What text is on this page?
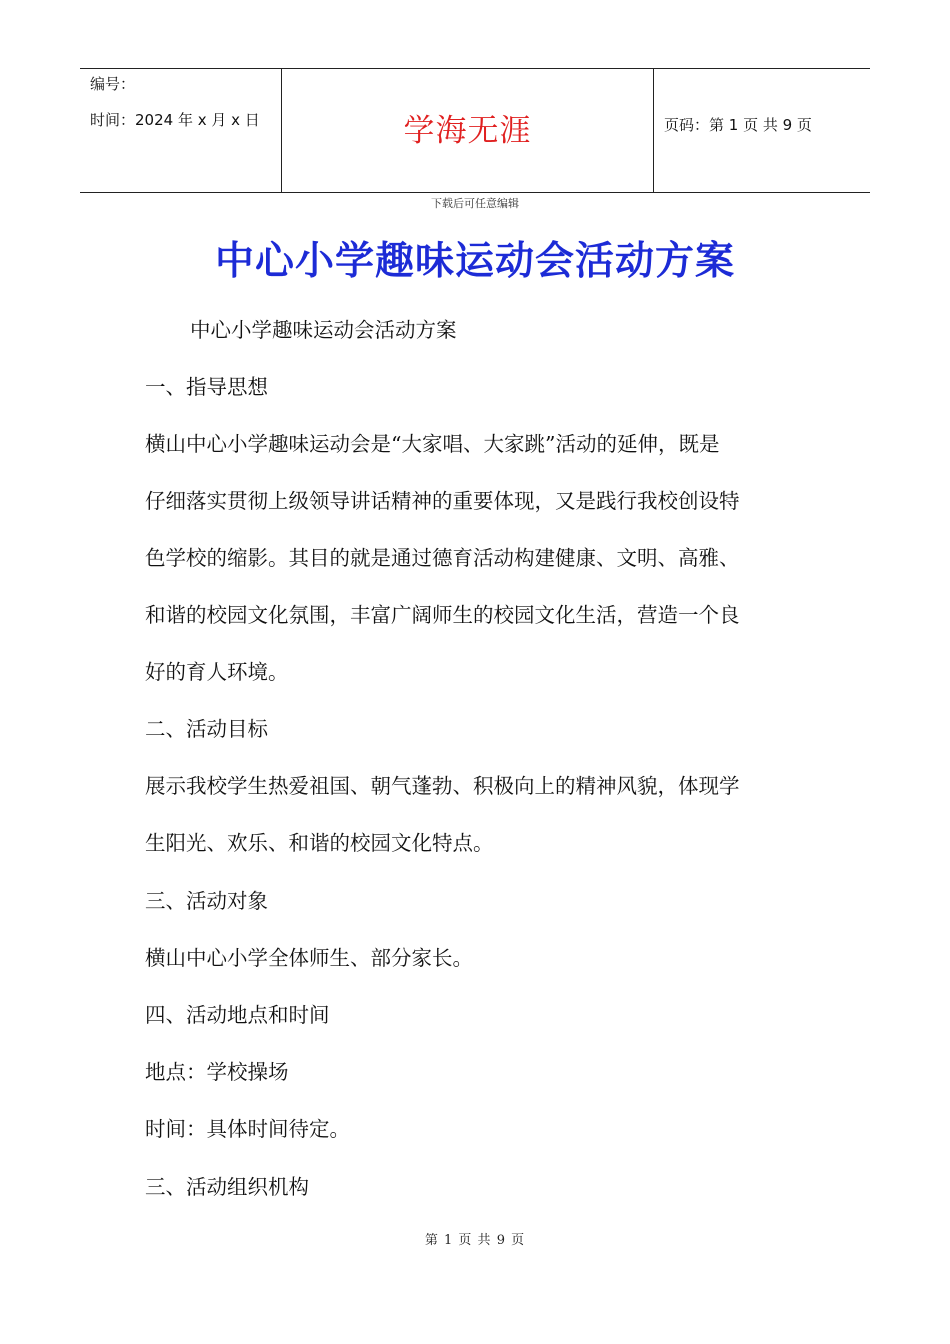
编号：
时间：2024 年 x 月 x 日	学海无涯	页码：第 1 页 共 9 页
下载后可任意编辑
中心小学趣味运动会活动方案
中心小学趣味运动会活动方案
一、指导思想
横山中心小学趣味运动会是“大家唱、大家跳”活动的延伸，既是
仔细落实贯彻上级领导讲话精神的重要体现，又是践行我校创设特
色学校的缩影。其目的就是通过德育活动构建健康、文明、高雅、
和谐的校园文化氛围，丰富广阔师生的校园文化生活，营造一个良
好的育人环境。
二、活动目标
展示我校学生热爱祖国、朝气蓬勃、积极向上的精神风貌，体现学
生阳光、欢乐、和谐的校园文化特点。
三、活动对象
横山中心小学全体师生、部分家长。
四、活动地点和时间
地点：学校操场
时间：具体时间待定。
三、活动组织机构
第 1 页 共 9 页
